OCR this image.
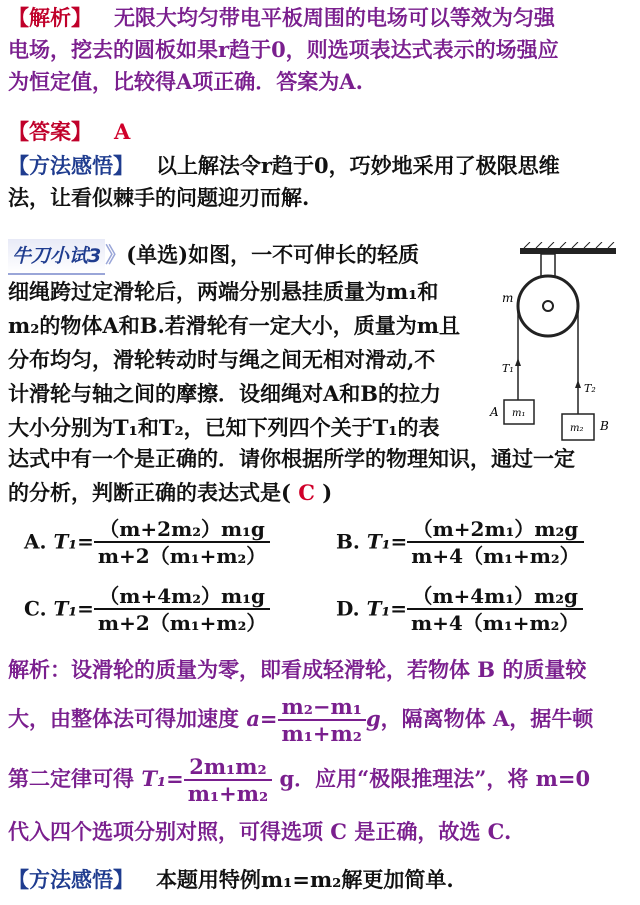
【解析】 无限大均匀带电平板周围的电场可以等效为匀强
电场，挖去的圆板如果r趋于0，则选项表达式表示的场强应
为恒定值，比较得A项正确．答案为A.
【答案】 A
【方法感悟】 以上解法令r趋于0，巧妙地采用了极限思维
法，让看似棘手的问题迎刃而解.
牛刀小试3 》(单选)如图，一不可伸长的轻质
细绳跨过定滑轮后，两端分别悬挂质量为m₁和
m₂的物体A和B.若滑轮有一定大小，质量为m且
分布均匀，滑轮转动时与绳之间无相对滑动,不
计滑轮与轴之间的摩擦．设细绳对A和B的拉力
大小分别为T₁和T₂，已知下列四个关于T₁的表
达式中有一个是正确的．请你根据所学的物理知识，通过一定
的分析，判断正确的表达式是( C )
m
T₁
T₂
m₁
A
m₂ B
A. $T_1= \frac{\text{（m+2m₂）m₁g}}{\text{m+2（m₁+m₂）}}$	B. $T_1= \frac{\text{（m+2m₁）m₂g}}{\text{m+4（m₁+m₂）}}$
C. $T_1= \frac{\text{（m+4m₂）m₁g}}{\text{m+2（m₁+m₂）}}$	D. $T_1= \frac{\text{（m+4m₁）m₂g}}{\text{m+4（m₁+m₂）}}$
解析：设滑轮的质量为零，即看成轻滑轮，若物体 B 的质量较
大，由整体法可得加速度 $a= \frac{\text{m₂−m₁}}{\text{m₁+m₂}}$ g，隔离物体 A，据牛顿
第二定律可得 $T_1= \frac{\text{2m₁m₂}}{\text{m₁+m₂}}$ g．应用“极限推理法”，将 m=0
代入四个选项分别对照，可得选项 C 是正确，故选 C.
【方法感悟】 本题用特例m₁=m₂解更加简单.
